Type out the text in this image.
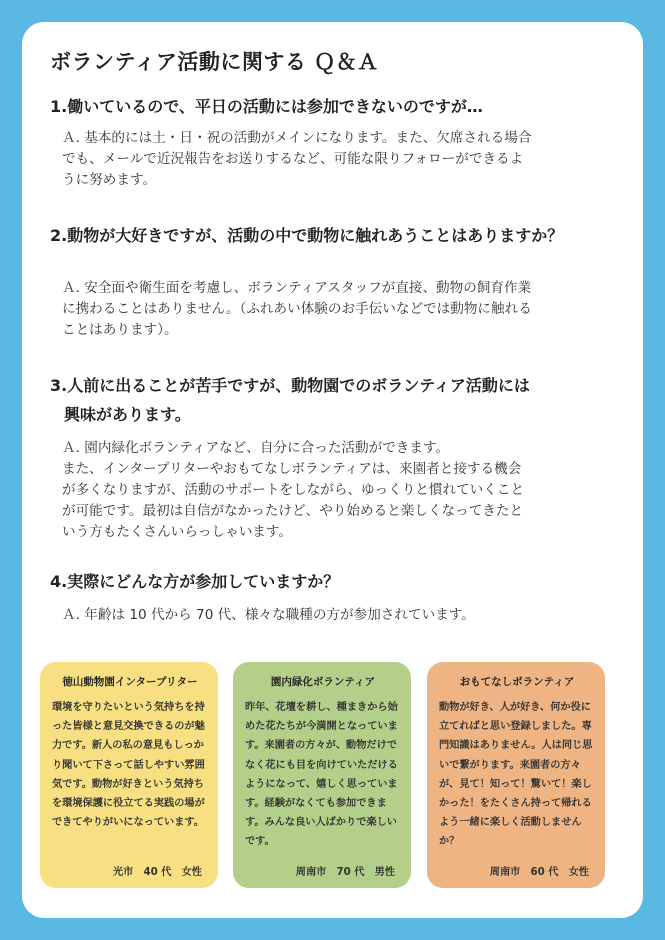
ボランティア活動に関する Ｑ＆Ａ
1.働いているので、平日の活動には参加できないのですが…
Ａ. 基本的には土・日・祝の活動がメインになります。また、欠席される場合
でも、メールで近況報告をお送りするなど、可能な限りフォローができるよ
うに努めます。
2.動物が大好きですが、活動の中で動物に触れあうことはありますか？
Ａ. 安全面や衛生面を考慮し、ボランティアスタッフが直接、動物の飼育作業
に携わることはありません。（ふれあい体験のお手伝いなどでは動物に触れる
ことはあります）。
3.人前に出ることが苦手ですが、動物園でのボランティア活動には
興味があります。
Ａ. 園内緑化ボランティアなど、自分に合った活動ができます。
また、インタープリターやおもてなしボランティアは、来園者と接する機会
が多くなりますが、活動のサポートをしながら、ゆっくりと慣れていくこと
が可能です。最初は自信がなかったけど、やり始めると楽しくなってきたと
いう方もたくさんいらっしゃいます。
4.実際にどんな方が参加していますか？
Ａ. 年齢は 10 代から 70 代、様々な職種の方が参加されています。
徳山動物園インタープリター

環境を守りたいという気持ちを持った皆様と意見交換できるのが魅力です。新人の私の意見もしっかり聞いて下さって話しやすい雰囲気です。動物が好きという気持ちを環境保護に役立てる実践の場ができてやりがいになっています。

光市　40 代　女性
園内緑化ボランティア

昨年、花壇を耕し、種まきから始めた花たちが今満開となっています。来園者の方々が、動物だけでなく花にも目を向けていただけるようになって、嬉しく思っています。経験がなくても参加できます。みんな良い人ばかりで楽しいです。

周南市　70 代　男性
おもてなしボランティア

動物が好き、人が好き、何か役に立てればと思い登録しました。専門知識はありません。人は同じ思いで繋がります。来園者の方々が、見て！知って！驚いて！楽しかった！をたくさん持って帰れるよう一緒に楽しく活動しませんか？

周南市　60 代　女性
